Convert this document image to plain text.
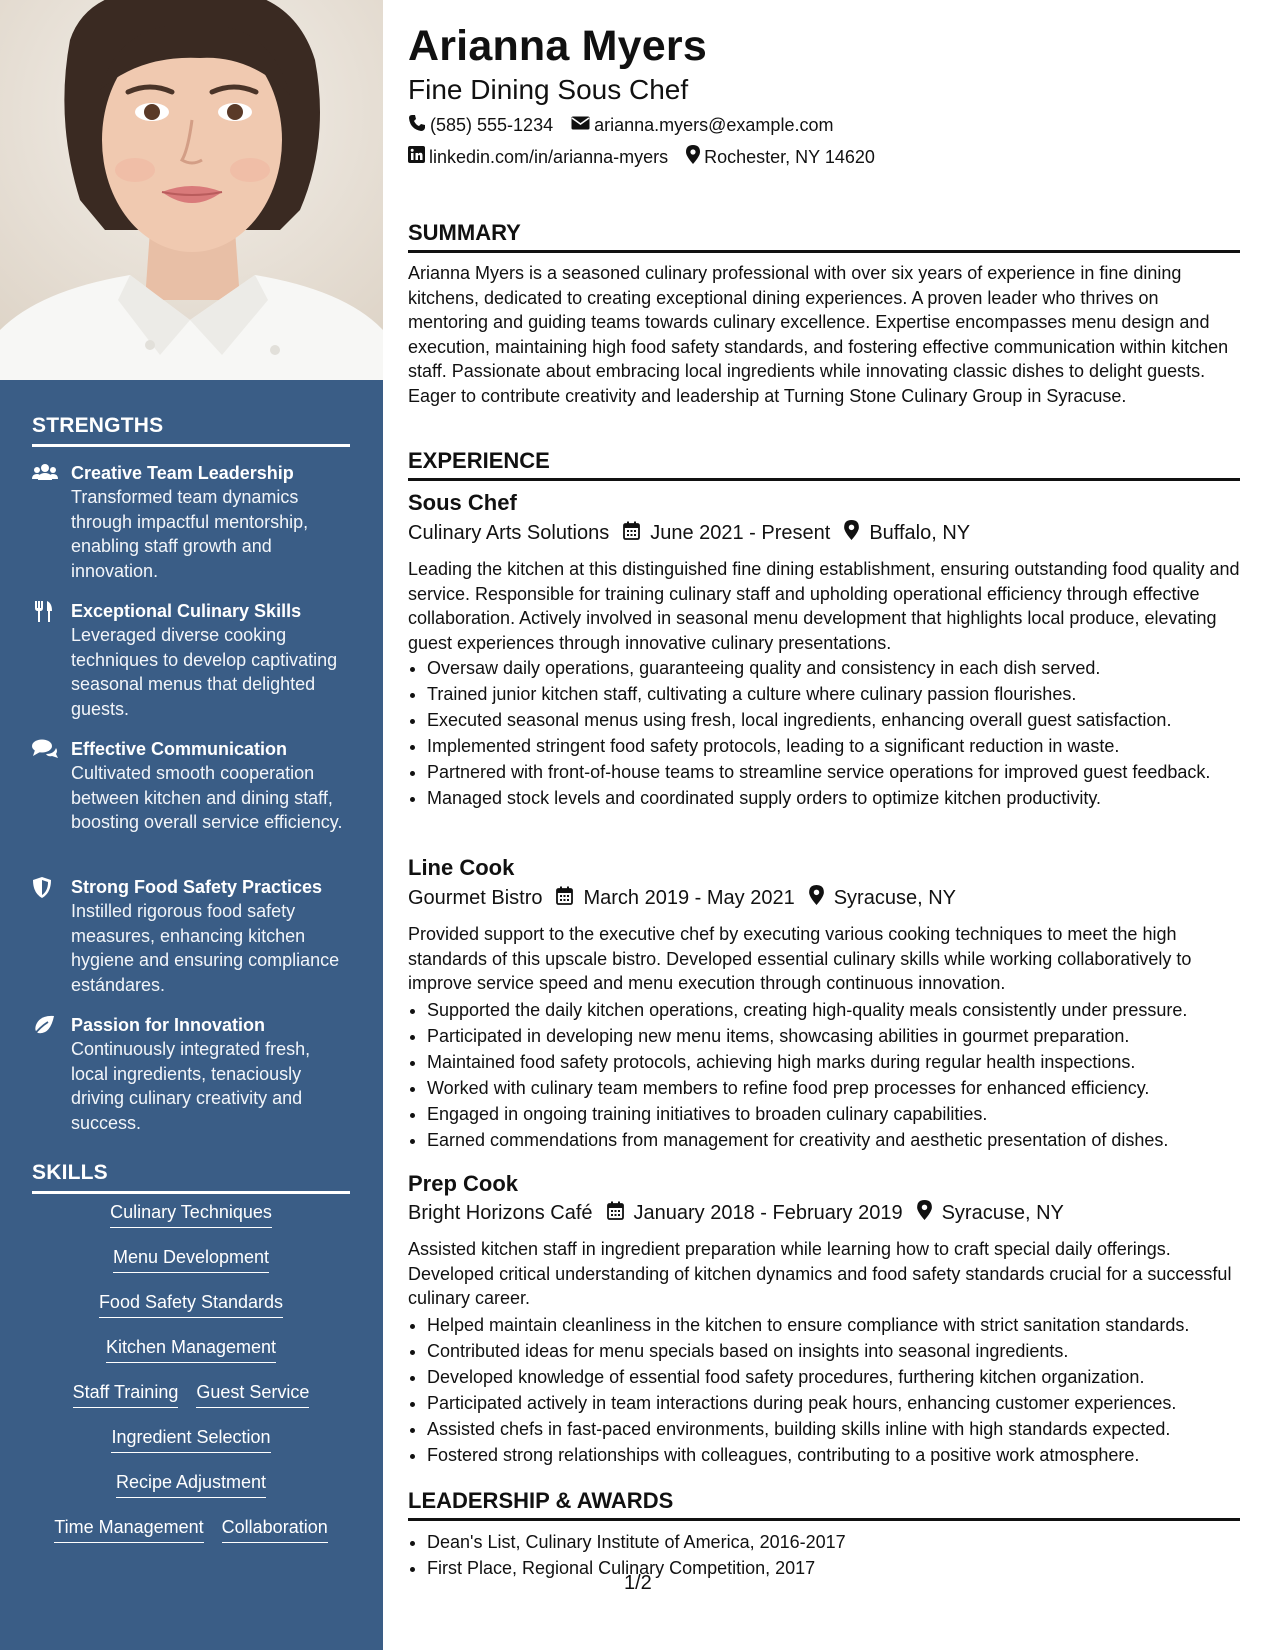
STRENGTHS
Creative Team Leadership
Transformed team dynamics through impactful mentorship, enabling staff growth and innovation.
Exceptional Culinary Skills
Leveraged diverse cooking techniques to develop captivating seasonal menus that delighted guests.
Effective Communication
Cultivated smooth cooperation between kitchen and dining staff, boosting overall service efficiency.
Strong Food Safety Practices
Instilled rigorous food safety measures, enhancing kitchen hygiene and ensuring compliance estándares.
Passion for Innovation
Continuously integrated fresh, local ingredients, tenaciously driving culinary creativity and success.
SKILLS
Culinary Techniques
Menu Development
Food Safety Standards
Kitchen Management
Staff Training Guest Service
Ingredient Selection
Recipe Adjustment
Time Management Collaboration
Arianna Myers
Fine Dining Sous Chef
(585) 555-1234 arianna.myers@example.com
linkedin.com/in/arianna-myers Rochester, NY 14620
SUMMARY
Arianna Myers is a seasoned culinary professional with over six years of experience in fine dining kitchens, dedicated to creating exceptional dining experiences. A proven leader who thrives on mentoring and guiding teams towards culinary excellence. Expertise encompasses menu design and execution, maintaining high food safety standards, and fostering effective communication within kitchen staff. Passionate about embracing local ingredients while innovating classic dishes to delight guests. Eager to contribute creativity and leadership at Turning Stone Culinary Group in Syracuse.
EXPERIENCE
Sous Chef
Culinary Arts Solutions June 2021 - Present Buffalo, NY
Leading the kitchen at this distinguished fine dining establishment, ensuring outstanding food quality and service. Responsible for training culinary staff and upholding operational efficiency through effective collaboration. Actively involved in seasonal menu development that highlights local produce, elevating guest experiences through innovative culinary presentations.
• Oversaw daily operations, guaranteeing quality and consistency in each dish served.
• Trained junior kitchen staff, cultivating a culture where culinary passion flourishes.
• Executed seasonal menus using fresh, local ingredients, enhancing overall guest satisfaction.
• Implemented stringent food safety protocols, leading to a significant reduction in waste.
• Partnered with front-of-house teams to streamline service operations for improved guest feedback.
• Managed stock levels and coordinated supply orders to optimize kitchen productivity.
Line Cook
Gourmet Bistro March 2019 - May 2021 Syracuse, NY
Provided support to the executive chef by executing various cooking techniques to meet the high standards of this upscale bistro. Developed essential culinary skills while working collaboratively to improve service speed and menu execution through continuous innovation.
• Supported the daily kitchen operations, creating high-quality meals consistently under pressure.
• Participated in developing new menu items, showcasing abilities in gourmet preparation.
• Maintained food safety protocols, achieving high marks during regular health inspections.
• Worked with culinary team members to refine food prep processes for enhanced efficiency.
• Engaged in ongoing training initiatives to broaden culinary capabilities.
• Earned commendations from management for creativity and aesthetic presentation of dishes.
Prep Cook
Bright Horizons Café January 2018 - February 2019 Syracuse, NY
Assisted kitchen staff in ingredient preparation while learning how to craft special daily offerings. Developed critical understanding of kitchen dynamics and food safety standards crucial for a successful culinary career.
• Helped maintain cleanliness in the kitchen to ensure compliance with strict sanitation standards.
• Contributed ideas for menu specials based on insights into seasonal ingredients.
• Developed knowledge of essential food safety procedures, furthering kitchen organization.
• Participated actively in team interactions during peak hours, enhancing customer experiences.
• Assisted chefs in fast-paced environments, building skills inline with high standards expected.
• Fostered strong relationships with colleagues, contributing to a positive work atmosphere.
LEADERSHIP & AWARDS
• Dean's List, Culinary Institute of America, 2016-2017
• First Place, Regional Culinary Competition, 2017
1/2
